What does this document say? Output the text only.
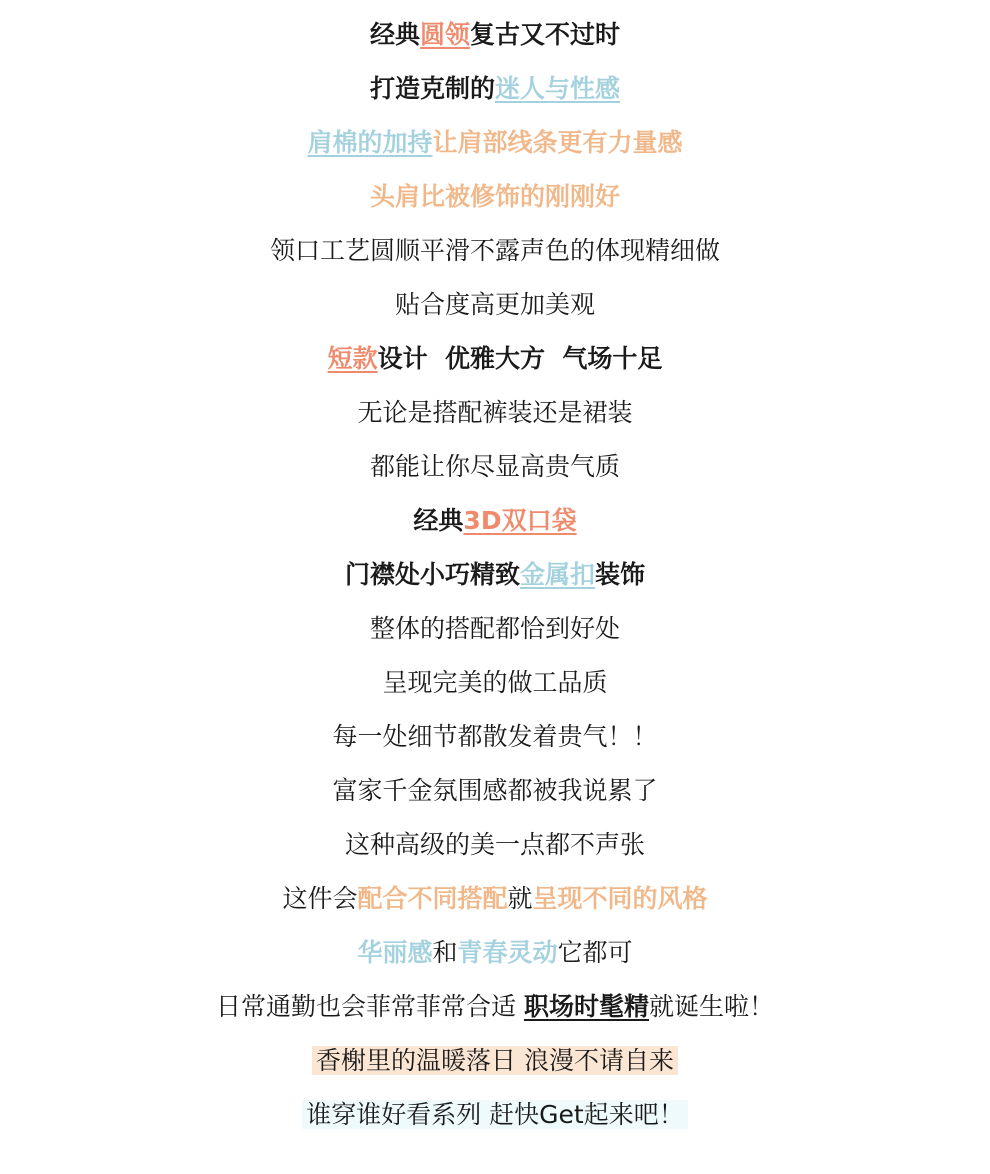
经典圆领复古又不过时
打造克制的迷人与性感
肩棉的加持让肩部线条更有力量感
头肩比被修饰的刚刚好
领口工艺圆顺平滑不露声色的体现精细做
贴合度高更加美观
短款设计  优雅大方  气场十足
无论是搭配裤装还是裙装
都能让你尽显高贵气质
经典3D双口袋
门襟处小巧精致金属扣装饰
整体的搭配都恰到好处
呈现完美的做工品质
每一处细节都散发着贵气！！
富家千金氛围感都被我说累了
这种高级的美一点都不声张
这件会配合不同搭配就呈现不同的风格
华丽感和青春灵动它都可
日常通勤也会菲常菲常合适 职场时髦精就诞生啦！
香榭里的温暖落日 浪漫不请自来
谁穿谁好看系列 赶快Get起来吧！
